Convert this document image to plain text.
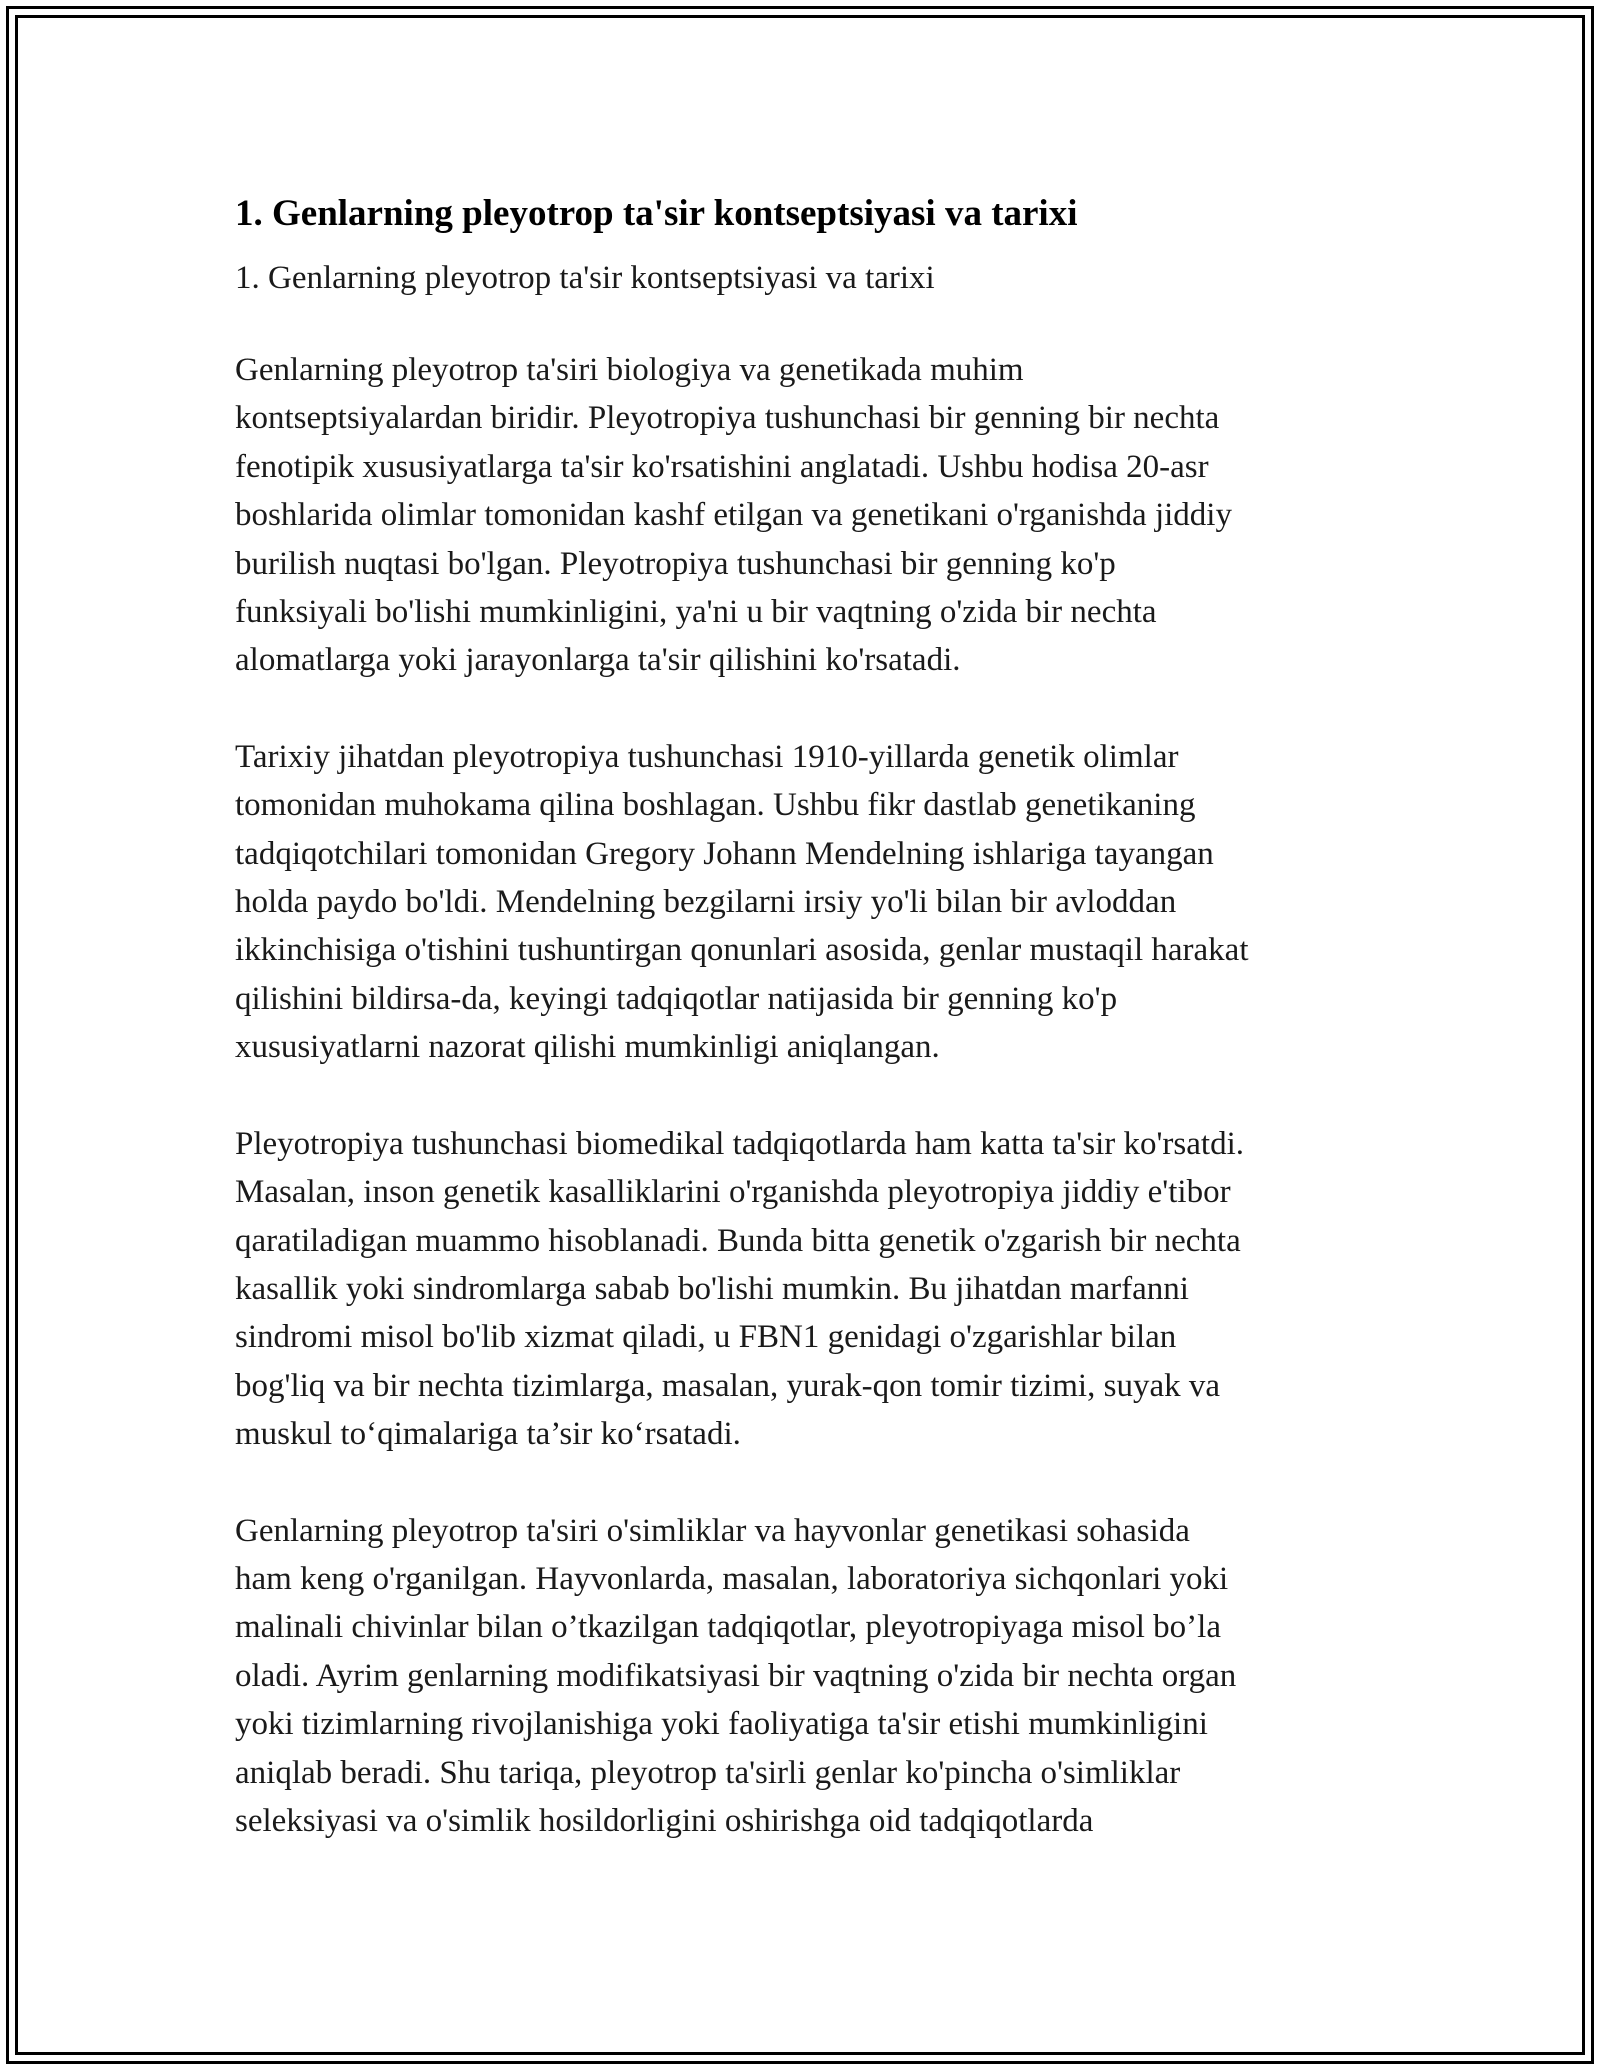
1. Genlarning pleyotrop ta'sir kontseptsiyasi va tarixi

1. Genlarning pleyotrop ta'sir kontseptsiyasi va tarixi

Genlarning pleyotrop ta'siri biologiya va genetikada muhim
kontseptsiyalardan biridir. Pleyotropiya tushunchasi bir genning bir nechta
fenotipik xususiyatlarga ta'sir ko'rsatishini anglatadi. Ushbu hodisa 20-asr
boshlarida olimlar tomonidan kashf etilgan va genetikani o'rganishda jiddiy
burilish nuqtasi bo'lgan. Pleyotropiya tushunchasi bir genning ko'p
funksiyali bo'lishi mumkinligini, ya'ni u bir vaqtning o'zida bir nechta
alomatlarga yoki jarayonlarga ta'sir qilishini ko'rsatadi.

Tarixiy jihatdan pleyotropiya tushunchasi 1910-yillarda genetik olimlar
tomonidan muhokama qilina boshlagan. Ushbu fikr dastlab genetikaning
tadqiqotchilari tomonidan Gregory Johann Mendelning ishlariga tayangan
holda paydo bo'ldi. Mendelning bezgilarni irsiy yo'li bilan bir avloddan
ikkinchisiga o'tishini tushuntirgan qonunlari asosida, genlar mustaqil harakat
qilishini bildirsa-da, keyingi tadqiqotlar natijasida bir genning ko'p
xususiyatlarni nazorat qilishi mumkinligi aniqlangan.

Pleyotropiya tushunchasi biomedikal tadqiqotlarda ham katta ta'sir ko'rsatdi.
Masalan, inson genetik kasalliklarini o'rganishda pleyotropiya jiddiy e'tibor
qaratiladigan muammo hisoblanadi. Bunda bitta genetik o'zgarish bir nechta
kasallik yoki sindromlarga sabab bo'lishi mumkin. Bu jihatdan marfanni
sindromi misol bo'lib xizmat qiladi, u FBN1 genidagi o'zgarishlar bilan
bog'liq va bir nechta tizimlarga, masalan, yurak-qon tomir tizimi, suyak va
muskul to‘qimalariga ta’sir ko‘rsatadi.

Genlarning pleyotrop ta'siri o'simliklar va hayvonlar genetikasi sohasida
ham keng o'rganilgan. Hayvonlarda, masalan, laboratoriya sichqonlari yoki
malinali chivinlar bilan o’tkazilgan tadqiqotlar, pleyotropiyaga misol bo’la
oladi. Ayrim genlarning modifikatsiyasi bir vaqtning o'zida bir nechta organ
yoki tizimlarning rivojlanishiga yoki faoliyatiga ta'sir etishi mumkinligini
aniqlab beradi. Shu tariqa, pleyotrop ta'sirli genlar ko'pincha o'simliklar
seleksiyasi va o'simlik hosildorligini oshirishga oid tadqiqotlarda
